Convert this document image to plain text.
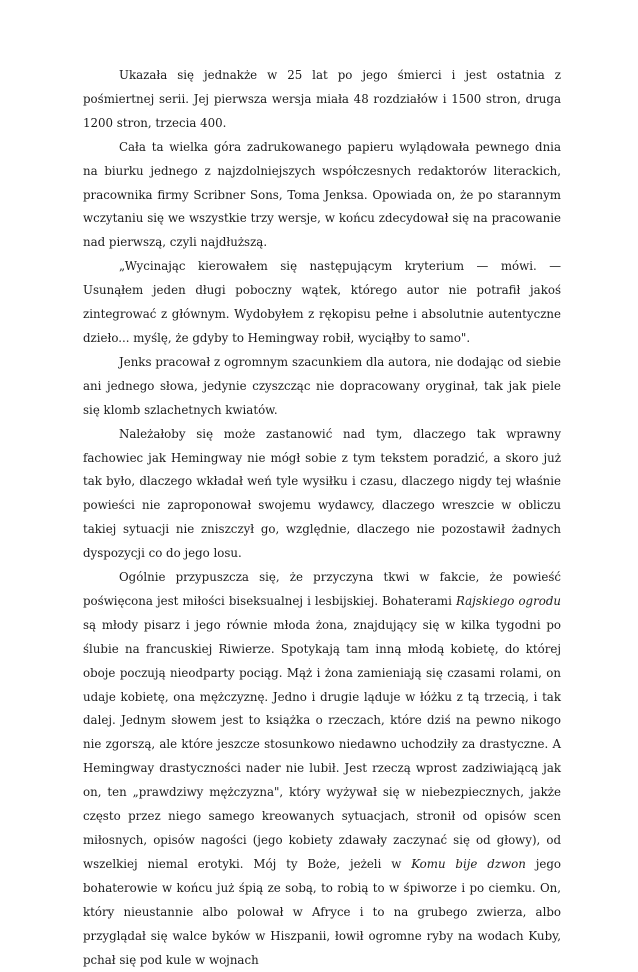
Ukazała się jednakże w 25 lat po jego śmierci i jest ostatnia z pośmiertnej serii. Jej pierwsza wersja miała 48 rozdziałów i 1500 stron, druga 1200 stron, trzecia 400.

Cała ta wielka góra zadrukowanego papieru wylądowała pewnego dnia na biurku jednego z najzdolniejszych współczesnych redaktorów literackich, pracownika firmy Scribner Sons, Toma Jenksa. Opowiada on, że po starannym wczytaniu się we wszystkie trzy wersje, w końcu zdecydował się na pracowanie nad pierwszą, czyli najdłuższą.

„Wycinając kierowałem się następującym kryterium — mówi. — Usunąłem jeden długi poboczny wątek, którego autor nie potrafił jakoś zintegrować z głównym. Wydobyłem z rękopisu pełne i absolutnie autentyczne dzieło... myślę, że gdyby to Hemingway robił, wyciąłby to samo".

Jenks pracował z ogromnym szacunkiem dla autora, nie dodając od siebie ani jednego słowa, jedynie czyszcząc nie dopracowany oryginał, tak jak piele się klomb szlachetnych kwiatów.

Należałoby się może zastanowić nad tym, dlaczego tak wprawny fachowiec jak Hemingway nie mógł sobie z tym tekstem poradzić, a skoro już tak było, dlaczego wkładał weń tyle wysiłku i czasu, dlaczego nigdy tej właśnie powieści nie zaproponował swojemu wydawcy, dlaczego wreszcie w obliczu takiej sytuacji nie zniszczył go, względnie, dlaczego nie pozostawił żadnych dyspozycji co do jego losu.

Ogólnie przypuszcza się, że przyczyna tkwi w fakcie, że powieść poświęcona jest miłości biseksualnej i lesbijskiej. Bohaterami Rajskiego ogrodu są młody pisarz i jego równie młoda żona, znajdujący się w kilka tygodni po ślubie na francuskiej Riwierze. Spotykają tam inną młodą kobietę, do której oboje poczują nieodparty pociąg. Mąż i żona zamieniają się czasami rolami, on udaje kobietę, ona mężczyznę. Jedno i drugie ląduje w łóżku z tą trzecią, i tak dalej. Jednym słowem jest to książka o rzeczach, które dziś na pewno nikogo nie zgorszą, ale które jeszcze stosunkowo niedawno uchodziły za drastyczne. A Hemingway drastyczności nader nie lubił. Jest rzeczą wprost zadziwiającą jak on, ten „prawdziwy mężczyzna", który wyżywał się w niebezpiecznych, jakże często przez niego samego kreowanych sytuacjach, stronił od opisów scen miłosnych, opisów nagości (jego kobiety zdawały zaczynać się od głowy), od wszelkiej niemal erotyki. Mój ty Boże, jeżeli w Komu bije dzwon jego bohaterowie w końcu już śpią ze sobą, to robią to w śpiworze i po ciemku. On, który nieustannie albo polował w Afryce i to na grubego zwierza, albo przyglądał się walce byków w Hiszpanii, łowił ogromne ryby na wodach Kuby, pchał się pod kule w wojnach
